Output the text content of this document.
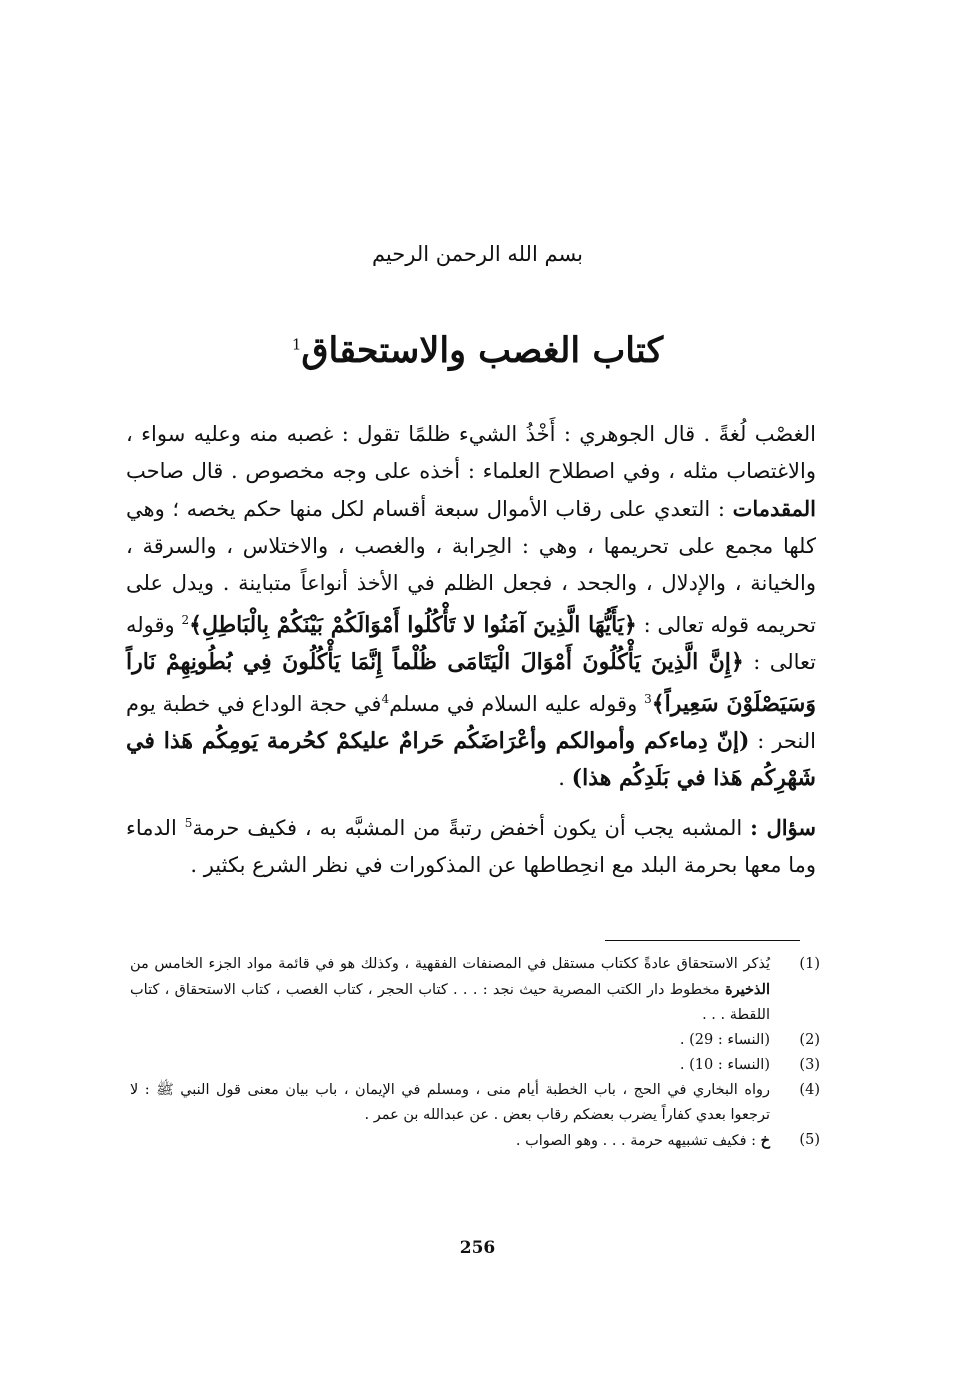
بسم الله الرحمن الرحيم
كتاب الغصب والاستحقاق$^1$

الغصْب لُغةً . قال الجوهري : أَخْذُ الشيء ظلمًا تقول : غصبه منه وعليه سواء ، والاغتصاب مثله ، وفي اصطلاح العلماء : أخذه على وجه مخصوص . قال صاحب المقدمات : التعدي على رقاب الأموال سبعة أقسام لكل منها حكم يخصه ؛ وهي كلها مجمع على تحريمها ، وهي : الحِرابة ، والغصب ، والاختلاس ، والسرقة ، والخيانة ، والإدلال ، والجحد ، فجعل الظلم في الأخذ أنواعاً متباينة . ويدل على تحريمه قوله تعالى : ﴿يَأَيُّهَا الَّذِينَ آمَنُوا لا تَأْكُلُوا أَمْوَالَكُمْ بَيْنَكُمْ بِالْبَاطِلِ﴾$^2$ وقوله تعالى : ﴿إِنَّ الَّذِينَ يَأْكُلُونَ أَمْوَالَ الْيَتَامَى ظُلْماً إِنَّمَا يَأْكُلُونَ فِي بُطُونِهِمْ نَاراً وَسَيَصْلَوْنَ سَعِيراً﴾$^3$ وقوله عليه السلام في مسلم$^4$في حجة الوداع في خطبة يوم النحر : (إنّ دِماءكم وأموالكم وأعْرَاضَكُم حَرامٌ عليكمْ كحُرمة يَومِكُم هَذا في شَهْرِكُم هَذا في بَلَدِكُم هذا) .

سؤال : المشبه يجب أن يكون أخفض رتبةً من المشبَّه به ، فكيف حرمة$^5$ الدماء وما معها بحرمة البلد مع انحِطاطها عن المذكورات في نظر الشرع بكثير .

(1)
يُذكر الاستحقاق عادةً ككتاب مستقل في المصنفات الفقهية ، وكذلك هو في قائمة مواد الجزء الخامس من الذخيرة مخطوط دار الكتب المصرية حيث نجد : . . . كتاب الحجر ، كتاب الغصب ، كتاب الاستحقاق ، كتاب اللقطة . . .
(2)
(النساء : 29) .
(3)
(النساء : 10) .
(4)
رواه البخاري في الحج ، باب الخطبة أيام منى ، ومسلم في الإيمان ، باب بيان معنى قول النبي ﷺ : لا ترجعوا بعدي كفاراً يضرب بعضكم رقاب بعض . عن عبدالله بن عمر .
(5)
خ : فكيف تشبيهه حرمة . . . وهو الصواب .
256
